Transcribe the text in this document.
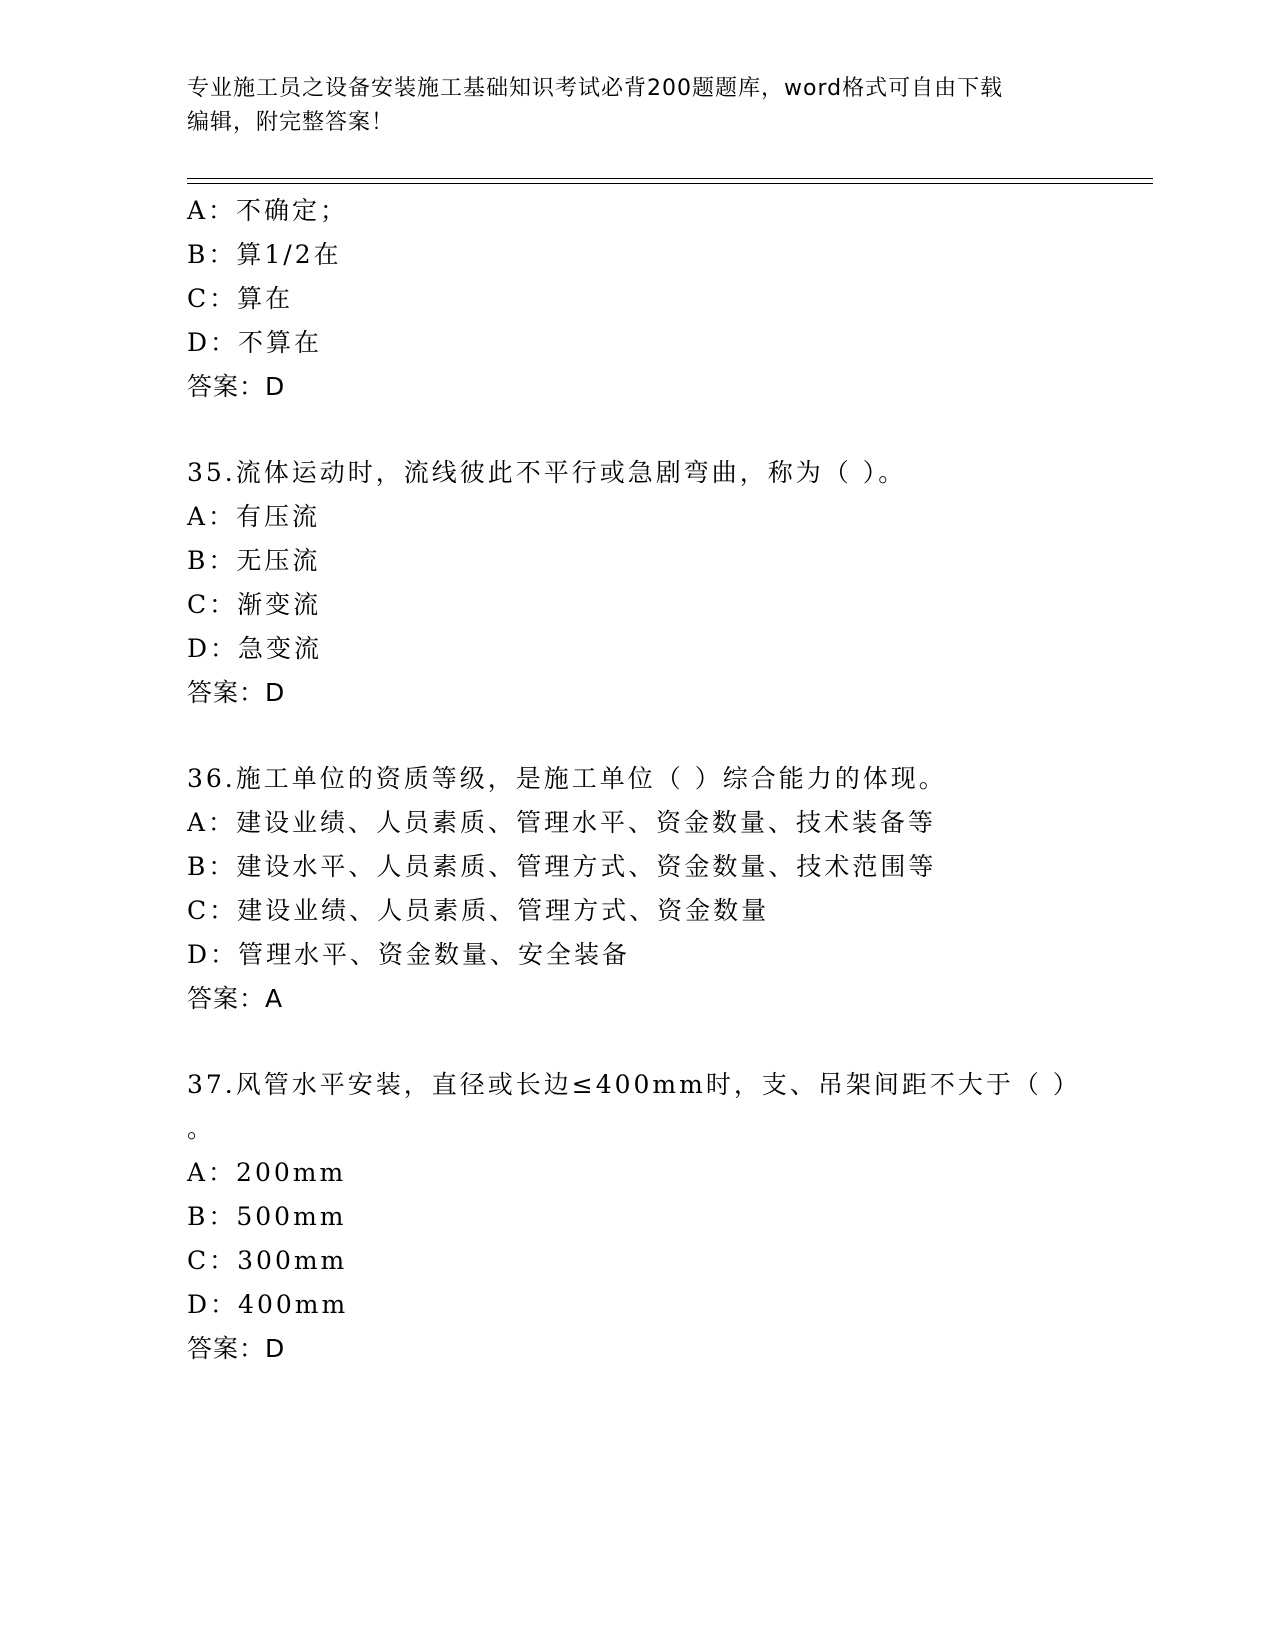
专业施工员之设备安装施工基础知识考试必背200题题库，word格式可自由下载
编辑，附完整答案！
A：不确定；
B：算1/2在
C：算在
D：不算在
答案：D
35.流体运动时，流线彼此不平行或急剧弯曲，称为（ ）。
A：有压流
B：无压流
C：渐变流
D：急变流
答案：D
36.施工单位的资质等级，是施工单位（ ）综合能力的体现。
A：建设业绩、人员素质、管理水平、资金数量、技术装备等
B：建设水平、人员素质、管理方式、资金数量、技术范围等
C：建设业绩、人员素质、管理方式、资金数量
D：管理水平、资金数量、安全装备
答案：A
37.风管水平安装，直径或长边≤400mm时，支、吊架间距不大于（ ）
。
A：200mm
B：500mm
C：300mm
D：400mm
答案：D
